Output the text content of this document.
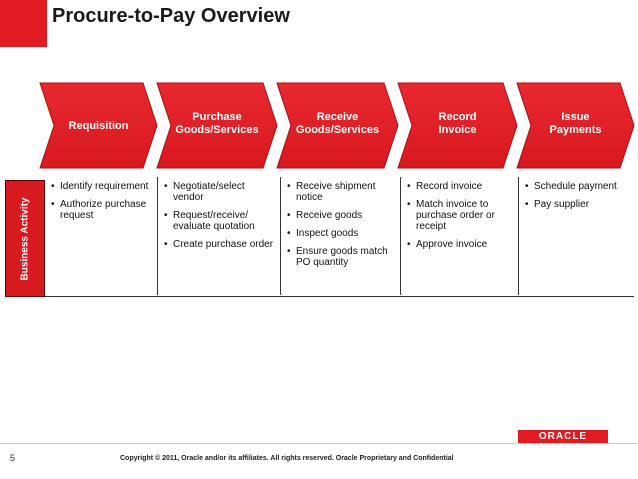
Procure-to-Pay Overview
Requisition
Purchase
Goods/Services
Receive
Goods/Services
Record
Invoice
Issue
Payments
Business Activity
• Identify requirement
• Authorize purchase request
• Negotiate/select vendor
• Request/receive/ evaluate quotation
• Create purchase order
• Receive shipment notice
• Receive goods
• Inspect goods
• Ensure goods match PO quantity
• Record invoice
• Match invoice to purchase order or receipt
• Approve invoice
• Schedule payment
• Pay supplier
5	Copyright © 2011, Oracle and/or its affiliates. All rights reserved. Oracle Proprietary and Confidential
ORACLE
